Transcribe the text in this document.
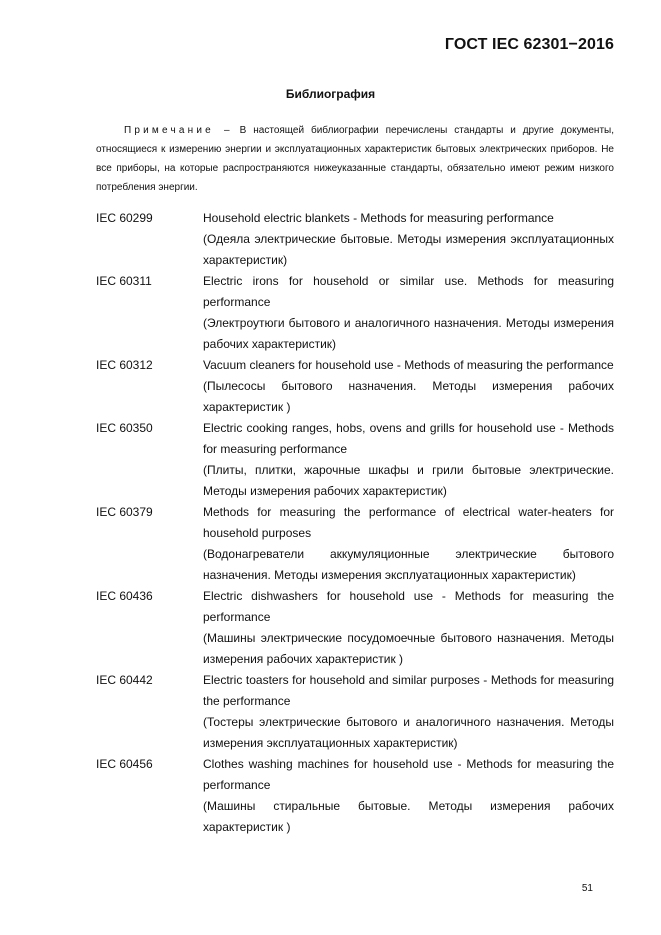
ГОСТ IEC 62301−2016
Библиография
Примечание – В настоящей библиографии перечислены стандарты и другие документы, относящиеся к измерению энергии и эксплуатационных характеристик бытовых электрических приборов. Не все приборы, на которые распространяются нижеуказанные стандарты, обязательно имеют режим низкого потребления энергии.
IEC 60299	Household electric blankets - Methods for measuring performance

(Одеяла электрические бытовые. Методы измерения эксплуатационных характеристик)

IEC 60311	Electric irons for household or similar use. Methods for measuring performance

(Электроутюги бытового и аналогичного назначения. Методы измерения рабочих характеристик)

IEC 60312	Vacuum cleaners for household use - Methods of measuring the performance

(Пылесосы бытового назначения. Методы измерения рабочих характеристик )

IEC 60350	Electric cooking ranges, hobs, ovens and grills for household use - Methods for measuring performance

(Плиты, плитки, жарочные шкафы и грили бытовые электрические. Методы измерения рабочих характеристик)

IEC 60379	Methods for measuring the performance of electrical water-heaters for household purposes

(Водонагреватели аккумуляционные электрические бытового назначения. Методы измерения эксплуатационных характеристик)

IEC 60436	Electric dishwashers for household use - Methods for measuring the performance

(Машины электрические посудомоечные бытового назначения. Методы измерения рабочих характеристик )

IEC 60442	Electric toasters for household and similar purposes - Methods for measuring the performance

(Тостеры электрические бытового и аналогичного назначения. Методы измерения эксплуатационных характеристик)

IEC 60456	Clothes washing machines for household use - Methods for measuring the performance

(Машины стиральные бытовые. Методы измерения рабочих характеристик )

51
